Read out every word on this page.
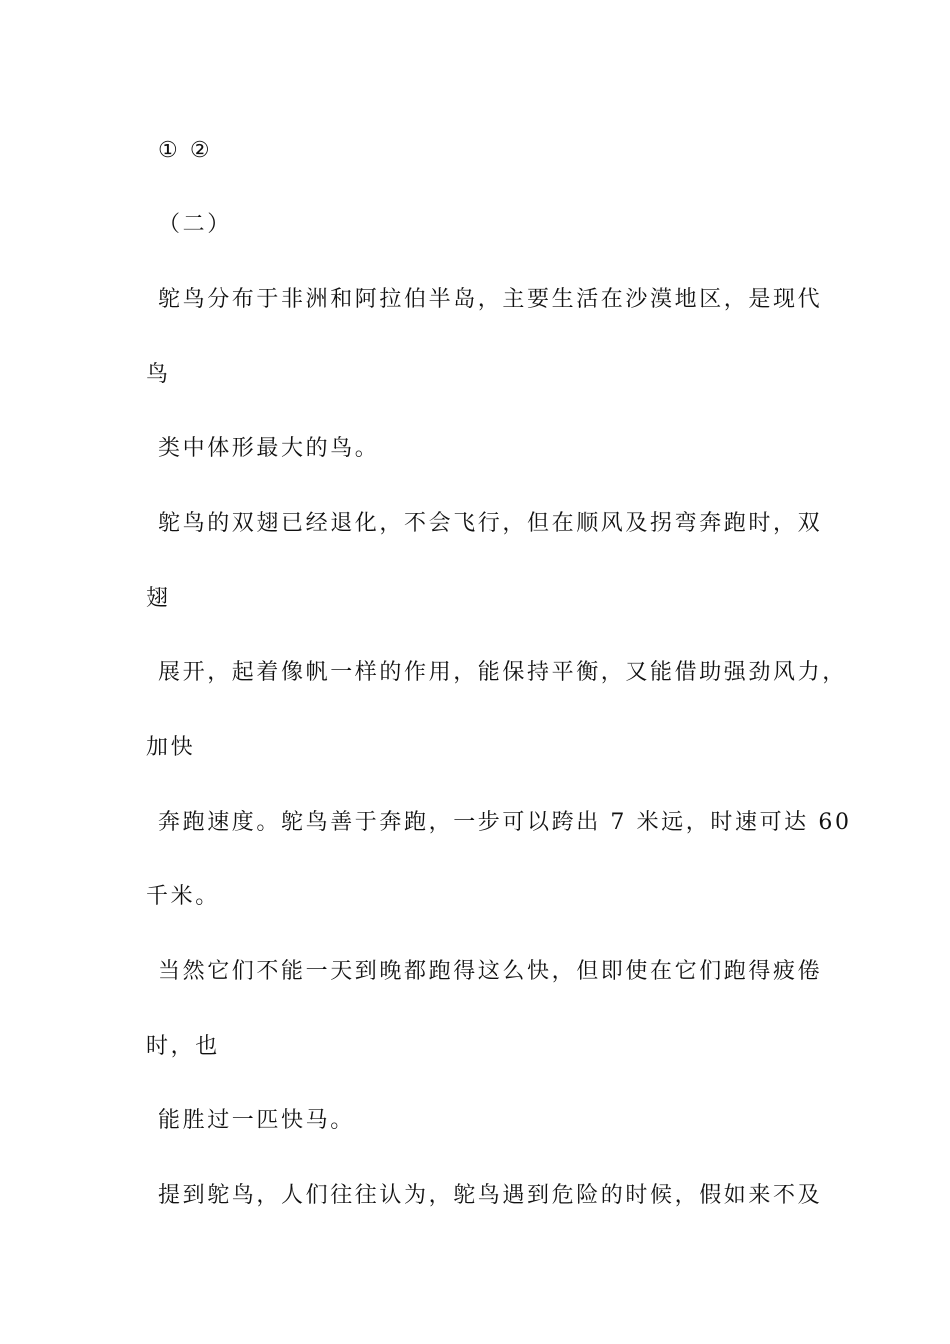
① ②
（二）
鸵鸟分布于非洲和阿拉伯半岛，主要生活在沙漠地区，是现代
鸟
类中体形最大的鸟。
鸵鸟的双翅已经退化，不会飞行，但在顺风及拐弯奔跑时，双
翅
展开，起着像帆一样的作用，能保持平衡，又能借助强劲风力，
加快
奔跑速度。鸵鸟善于奔跑，一步可以跨出 7 米远，时速可达 60
千米。
当然它们不能一天到晚都跑得这么快，但即使在它们跑得疲倦
时，也
能胜过一匹快马。
提到鸵鸟，人们往往认为，鸵鸟遇到危险的时候，假如来不及
